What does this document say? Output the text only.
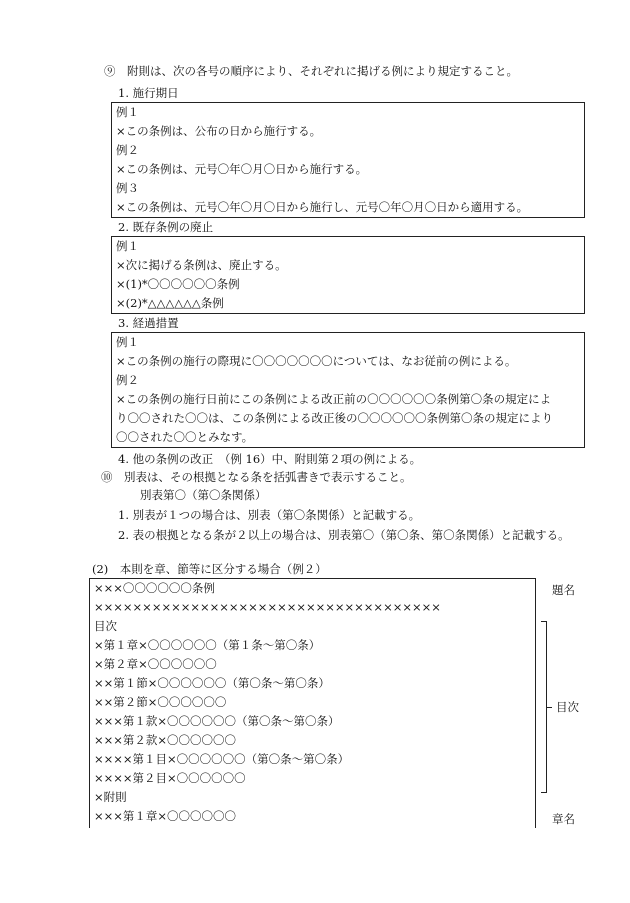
⑨　附則は、次の各号の順序により、それぞれに掲げる例により規定すること。
1. 施行期日
例１
×この条例は、公布の日から施行する。
例２
×この条例は、元号〇年〇月〇日から施行する。
例３
×この条例は、元号〇年〇月〇日から施行し、元号〇年〇月〇日から適用する。
2. 既存条例の廃止
例１
×次に掲げる条例は、廃止する。
×(1)*〇〇〇〇〇〇条例
×(2)*△△△△△△条例
3. 経過措置
例１
×この条例の施行の際現に〇〇〇〇〇〇〇については、なお従前の例による。
例２
×この条例の施行日前にこの条例による改正前の〇〇〇〇〇〇条例第〇条の規定によ
り〇〇された〇〇は、この条例による改正後の〇〇〇〇〇〇条例第〇条の規定により
〇〇された〇〇とみなす。
4. 他の条例の改正　（例 16）中、附則第２項の例による。
⑩　別表は、その根拠となる条を括弧書きで表示すること。
別表第〇（第〇条関係）
1. 別表が１つの場合は、別表（第〇条関係）と記載する。
2. 表の根拠となる条が２以上の場合は、別表第〇（第〇条、第〇条関係）と記載する。
(2)　本則を章、節等に区分する場合（例２）
×××〇〇〇〇〇〇条例
××××××××××××××××××××××××××××××××××××
目次
×第１章×〇〇〇〇〇〇（第１条～第〇条）
×第２章×〇〇〇〇〇〇
××第１節×〇〇〇〇〇〇（第〇条～第〇条）
××第２節×〇〇〇〇〇〇
×××第１款×〇〇〇〇〇〇（第〇条～第〇条）
×××第２款×〇〇〇〇〇〇
××××第１目×〇〇〇〇〇〇（第〇条～第〇条）
××××第２目×〇〇〇〇〇〇
×附則
×××第１章×〇〇〇〇〇〇
題名
目次
章名
